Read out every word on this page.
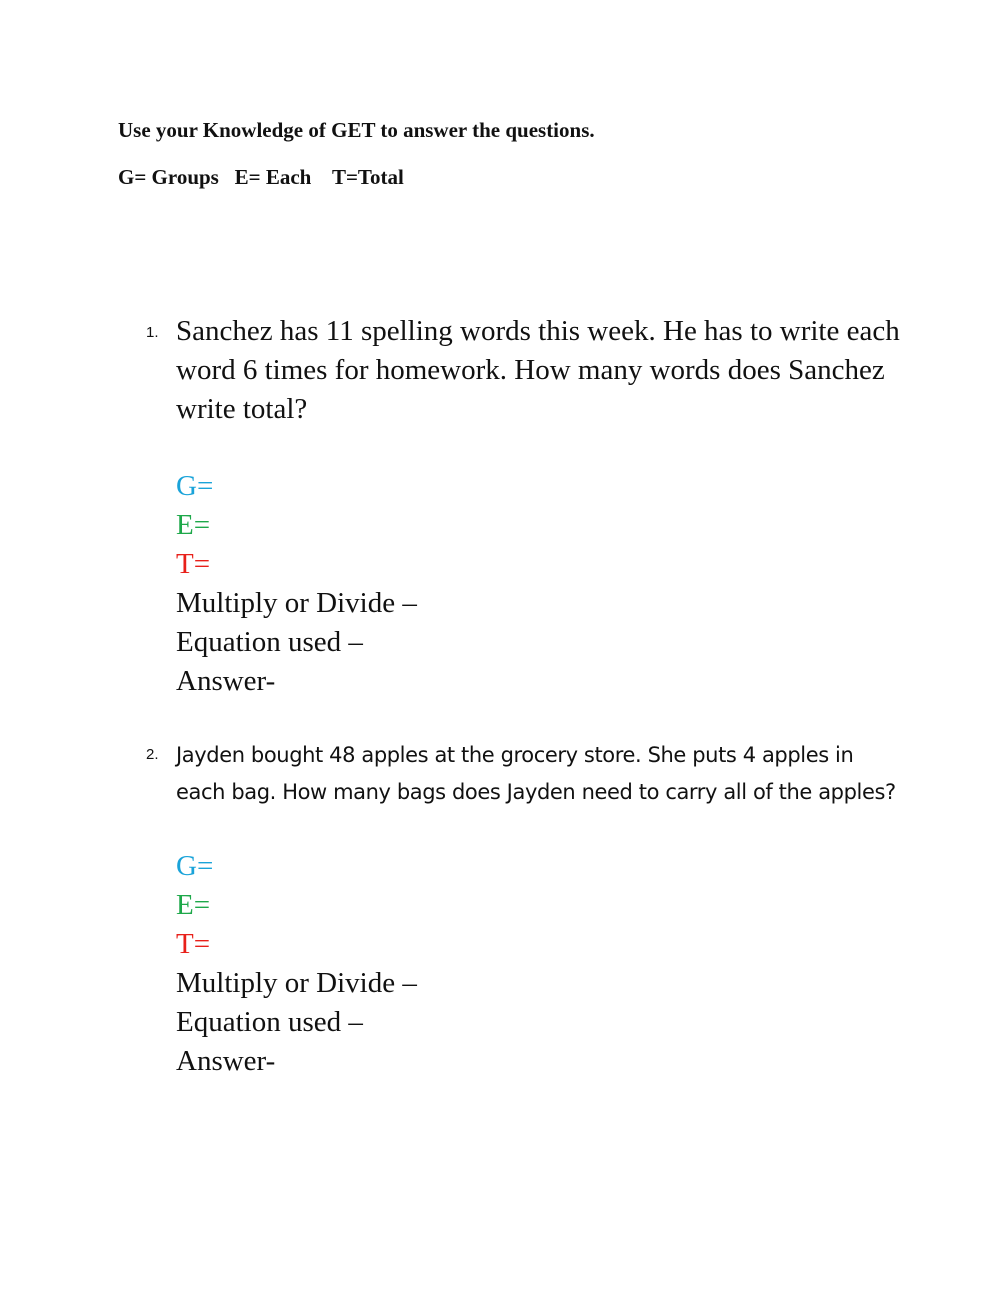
Use your Knowledge of GET to answer the questions.

G= Groups   E= Each    T=Total

1. Sanchez has 11 spelling words this week. He has to write each word 6 times for homework. How many words does Sanchez write total?

G=
E=
T=
Multiply or Divide –
Equation used –
Answer-
2. Jayden bought 48 apples at the grocery store. She puts 4 apples in each bag. How many bags does Jayden need to carry all of the apples?

G=
E=
T=
Multiply or Divide –
Equation used –
Answer-
